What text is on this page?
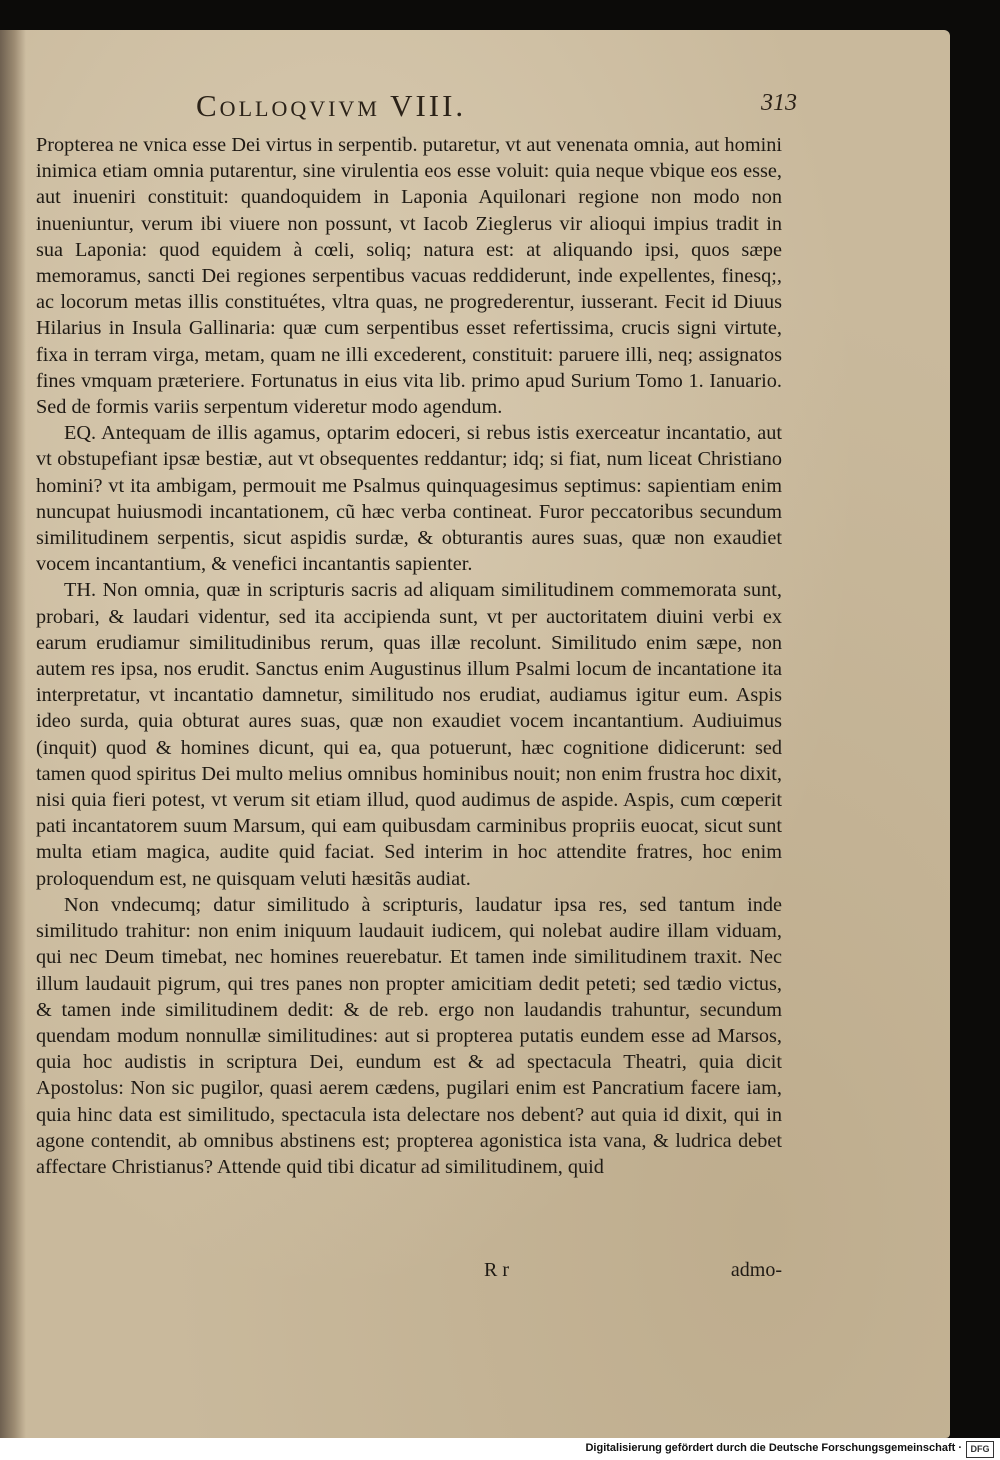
Colloqvivm VIII.	313

Propterea ne vnica esse Dei virtus in serpentib. putaretur, vt aut venenata omnia, aut homini inimica etiam omnia putarentur, sine virulentia eos esse voluit: quia neque vbique eos esse, aut inueniri constituit: quandoquidem in Laponia Aquilonari regione non modo non inueniuntur, verum ibi viuere non possunt, vt Iacob Zieglerus vir alioqui impius tradit in sua Laponia: quod equidem à cœli, soliq; natura est: at aliquando ipsi, quos sæpe memoramus, sancti Dei regiones serpentibus vacuas reddiderunt, inde expellentes, finesq;, ac locorum metas illis constituétes, vltra quas, ne progrederentur, iusserant. Fecit id Diuus Hilarius in Insula Gallinaria: quæ cum serpentibus esset refertissima, crucis signi virtute, fixa in terram virga, metam, quam ne illi excederent, constituit: paruere illi, neq; assignatos fines vmquam præteriere. Fortunatus in eius vita lib. primo apud Surium Tomo 1. Ianuario. Sed de formis variis serpentum videretur modo agendum.

EQ. Antequam de illis agamus, optarim edoceri, si rebus istis exerceatur incantatio, aut vt obstupefiant ipsæ bestiæ, aut vt obsequentes reddantur; idq; si fiat, num liceat Christiano homini? vt ita ambigam, permouit me Psalmus quinquagesimus septimus: sapientiam enim nuncupat huiusmodi incantationem, cũ hæc verba contineat. Furor peccatoribus secundum similitudinem serpentis, sicut aspidis surdæ, & obturantis aures suas, quæ non exaudiet vocem incantantium, & venefici incantantis sapienter.

TH. Non omnia, quæ in scripturis sacris ad aliquam similitudinem commemorata sunt, probari, & laudari videntur, sed ita accipienda sunt, vt per auctoritatem diuini verbi ex earum erudiamur similitudinibus rerum, quas illæ recolunt. Similitudo enim sæpe, non autem res ipsa, nos erudit. Sanctus enim Augustinus illum Psalmi locum de incantatione ita interpretatur, vt incantatio damnetur, similitudo nos erudiat, audiamus igitur eum. Aspis ideo surda, quia obturat aures suas, quæ non exaudiet vocem incantantium. Audiuimus (inquit) quod & homines dicunt, qui ea, qua potuerunt, hæc cognitione didicerunt: sed tamen quod spiritus Dei multo melius omnibus hominibus nouit; non enim frustra hoc dixit, nisi quia fieri potest, vt verum sit etiam illud, quod audimus de aspide. Aspis, cum cœperit pati incantatorem suum Marsum, qui eam quibusdam carminibus propriis euocat, sicut sunt multa etiam magica, audite quid faciat. Sed interim in hoc attendite fratres, hoc enim proloquendum est, ne quisquam veluti hæsitãs audiat.

Non vndecumq; datur similitudo à scripturis, laudatur ipsa res, sed tantum inde similitudo trahitur: non enim iniquum laudauit iudicem, qui nolebat audire illam viduam, qui nec Deum timebat, nec homines reuerebatur. Et tamen inde similitudinem traxit. Nec illum laudauit pigrum, qui tres panes non propter amicitiam dedit peteti; sed tædio victus, & tamen inde similitudinem dedit: & de reb. ergo non laudandis trahuntur, secundum quendam modum nonnullæ similitudines: aut si propterea putatis eundem esse ad Marsos, quia hoc audistis in scriptura Dei, eundum est & ad spectacula Theatri, quia dicit Apostolus: Non sic pugilor, quasi aerem cædens, pugilari enim est Pancratium facere iam, quia hinc data est similitudo, spectacula ista delectare nos debent? aut quia id dixit, qui in agone contendit, ab omnibus abstinens est; propterea agonistica ista vana, & ludrica debet affectare Christianus? Attende quid tibi dicatur ad similitudinem, quid

R r	admo-
Digitalisierung gefördert durch die Deutsche Forschungsgemeinschaft · DFG
